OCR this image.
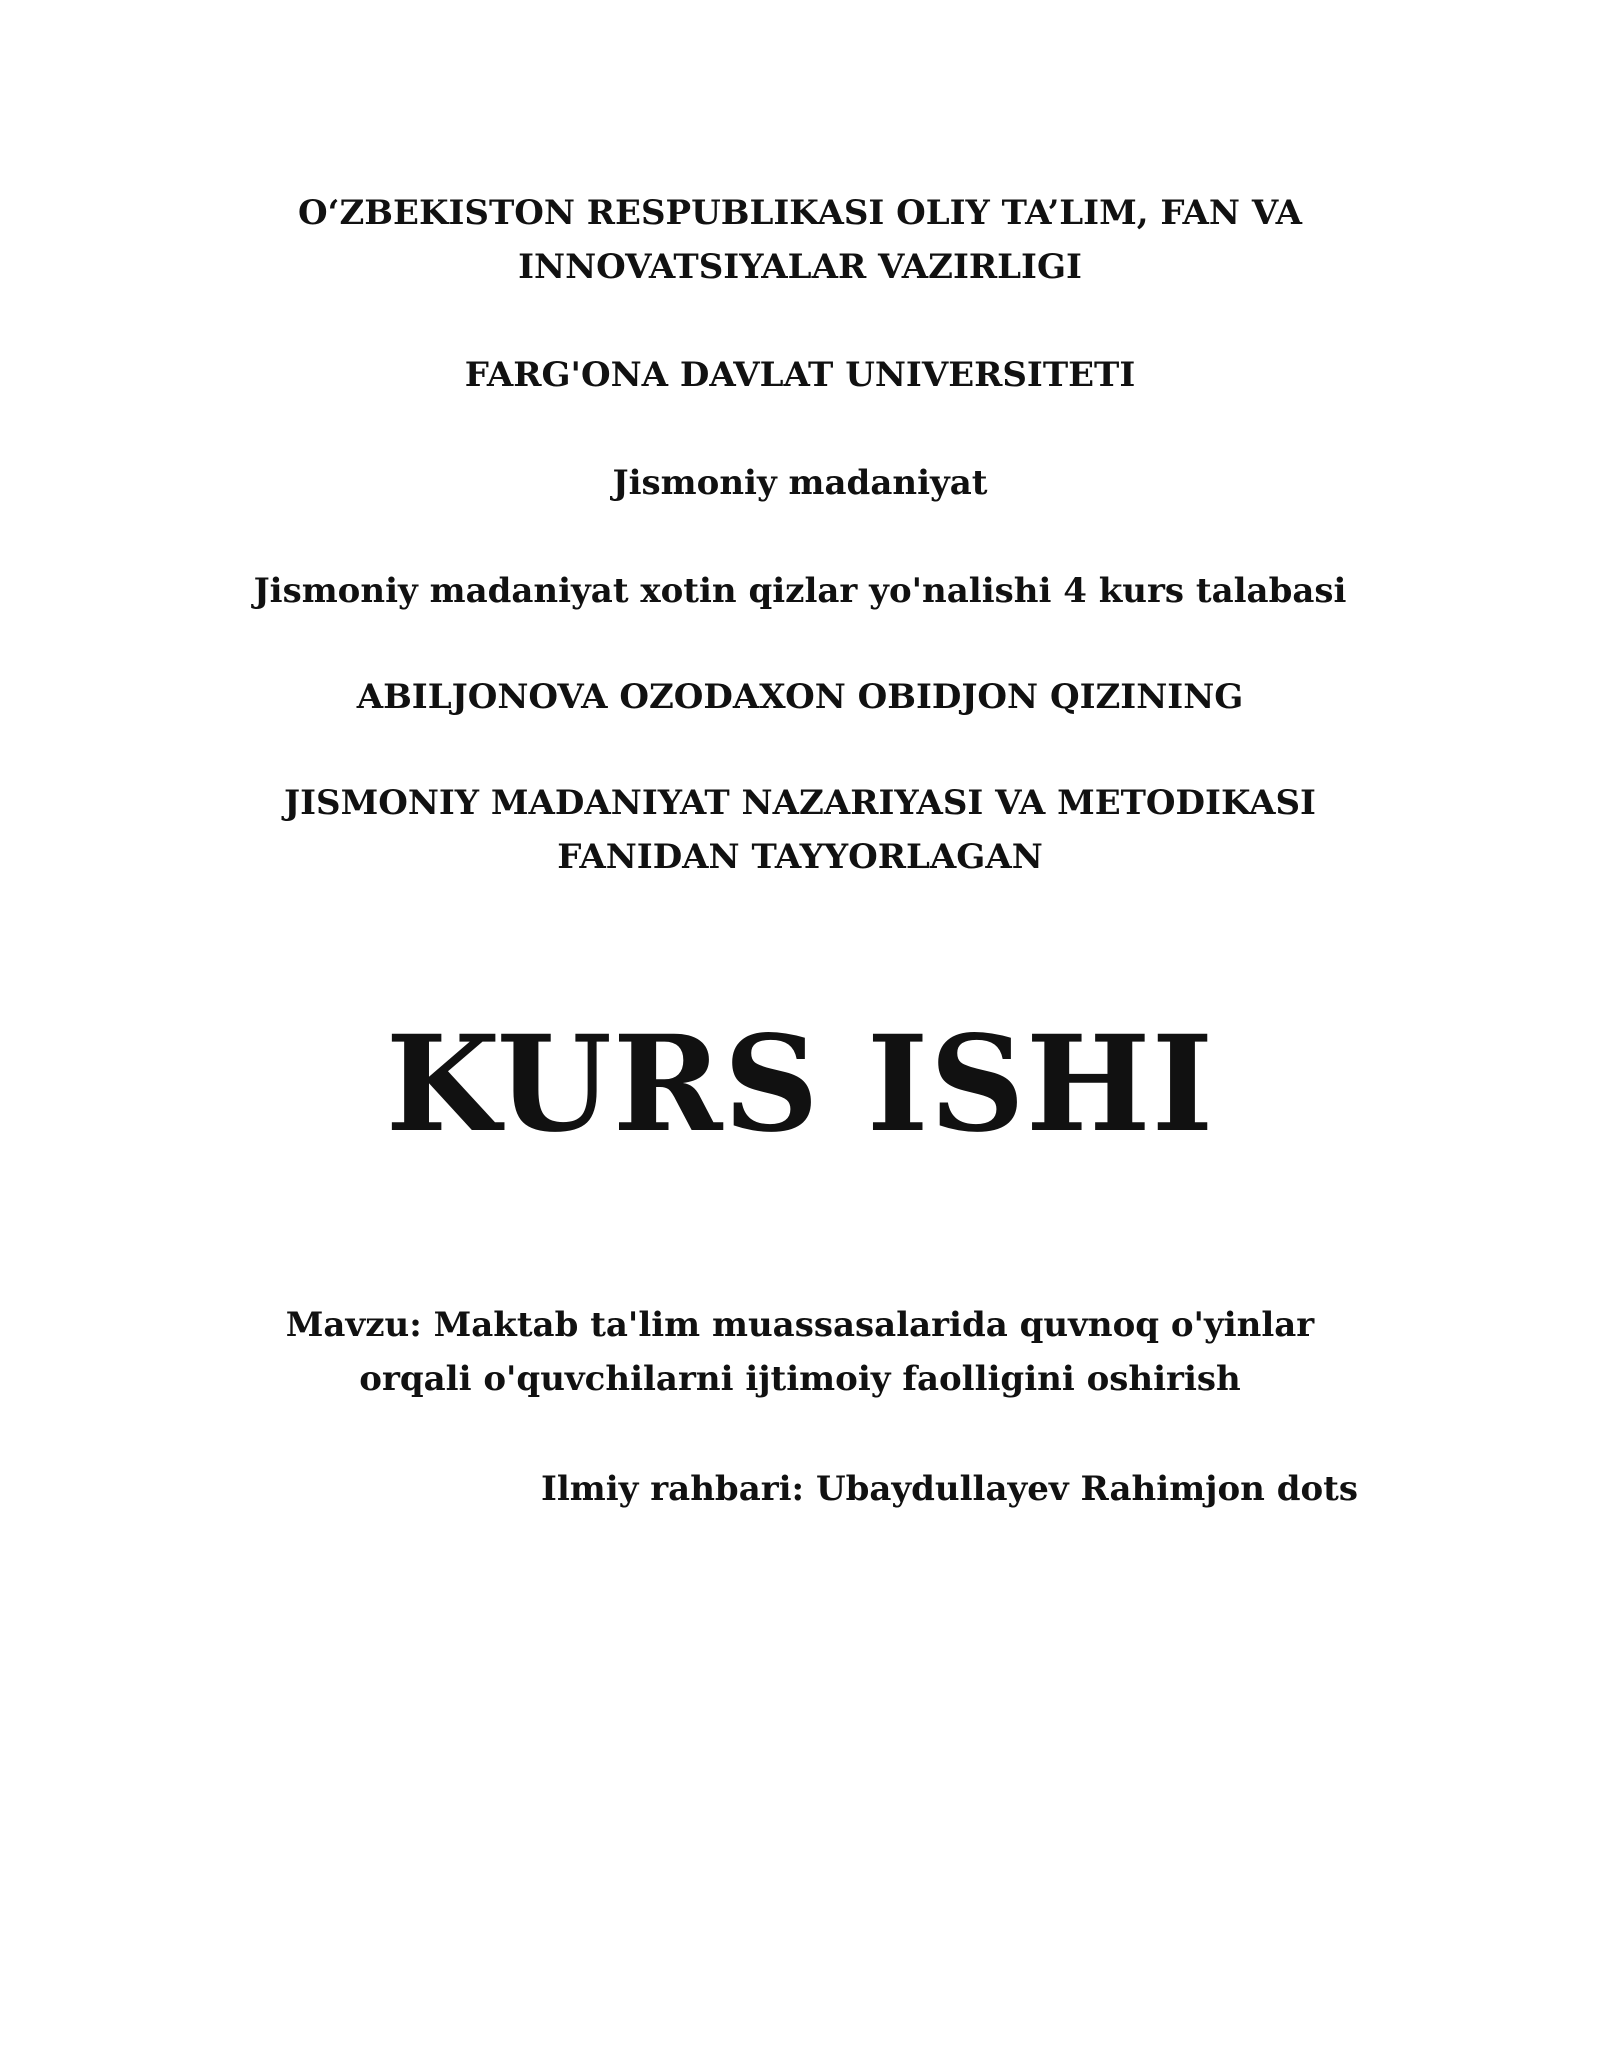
O‘ZBEKISTON RESPUBLIKASI OLIY TA’LIM, FAN VA
INNOVATSIYALAR VAZIRLIGI
FARG'ONA DAVLAT UNIVERSITETI
Jismoniy madaniyat
Jismoniy madaniyat xotin qizlar yo'nalishi 4 kurs talabasi
ABILJONOVA OZODAXON OBIDJON QIZINING
JISMONIY MADANIYAT NAZARIYASI VA METODIKASI
FANIDAN TAYYORLAGAN
KURS ISHI
Mavzu: Maktab ta'lim muassasalarida quvnoq o'yinlar
orqali o'quvchilarni ijtimoiy faolligini oshirish
Ilmiy rahbari: Ubaydullayev Rahimjon dots
